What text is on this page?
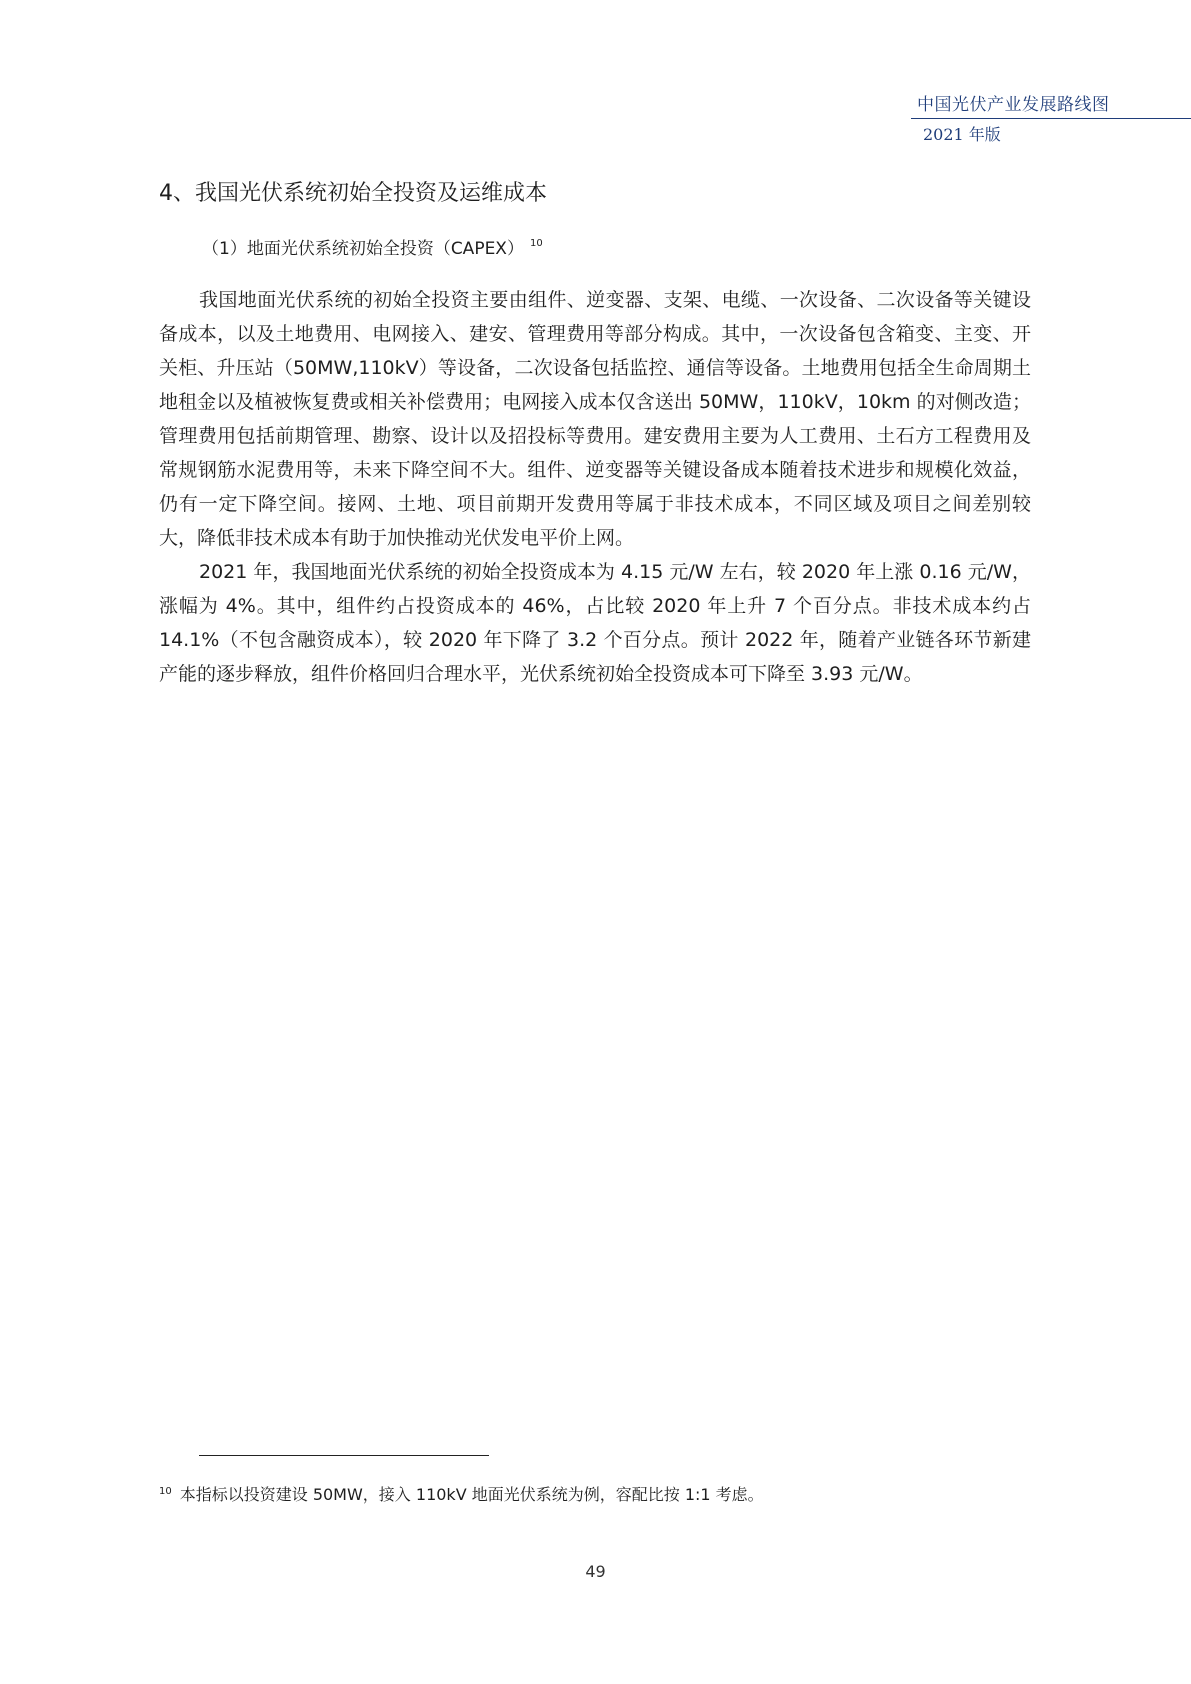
中国光伏产业发展路线图
2021 年版
4、我国光伏系统初始全投资及运维成本
（1）地面光伏系统初始全投资（CAPEX） $^{10}$

我国地面光伏系统的初始全投资主要由组件、逆变器、支架、电缆、一次设备、二次设备等关键设备成本，以及土地费用、电网接入、建安、管理费用等部分构成。其中，一次设备包含箱变、主变、开关柜、升压站（50MW,110kV）等设备，二次设备包括监控、通信等设备。土地费用包括全生命周期土地租金以及植被恢复费或相关补偿费用；电网接入成本仅含送出 50MW，110kV，10km 的对侧改造；管理费用包括前期管理、勘察、设计以及招投标等费用。建安费用主要为人工费用、土石方工程费用及常规钢筋水泥费用等，未来下降空间不大。组件、逆变器等关键设备成本随着技术进步和规模化效益，仍有一定下降空间。接网、土地、项目前期开发费用等属于非技术成本，不同区域及项目之间差别较大，降低非技术成本有助于加快推动光伏发电平价上网。

2021 年，我国地面光伏系统的初始全投资成本为 4.15 元/W 左右，较 2020 年上涨 0.16 元/W，涨幅为 4%。其中，组件约占投资成本的 46%，占比较 2020 年上升 7 个百分点。非技术成本约占 14.1%（不包含融资成本），较 2020 年下降了 3.2 个百分点。预计 2022 年，随着产业链各环节新建产能的逐步释放，组件价格回归合理水平，光伏系统初始全投资成本可下降至 3.93 元/W。

$^{10}$ 本指标以投资建设 50MW，接入 110kV 地面光伏系统为例，容配比按 1:1 考虑。
49
